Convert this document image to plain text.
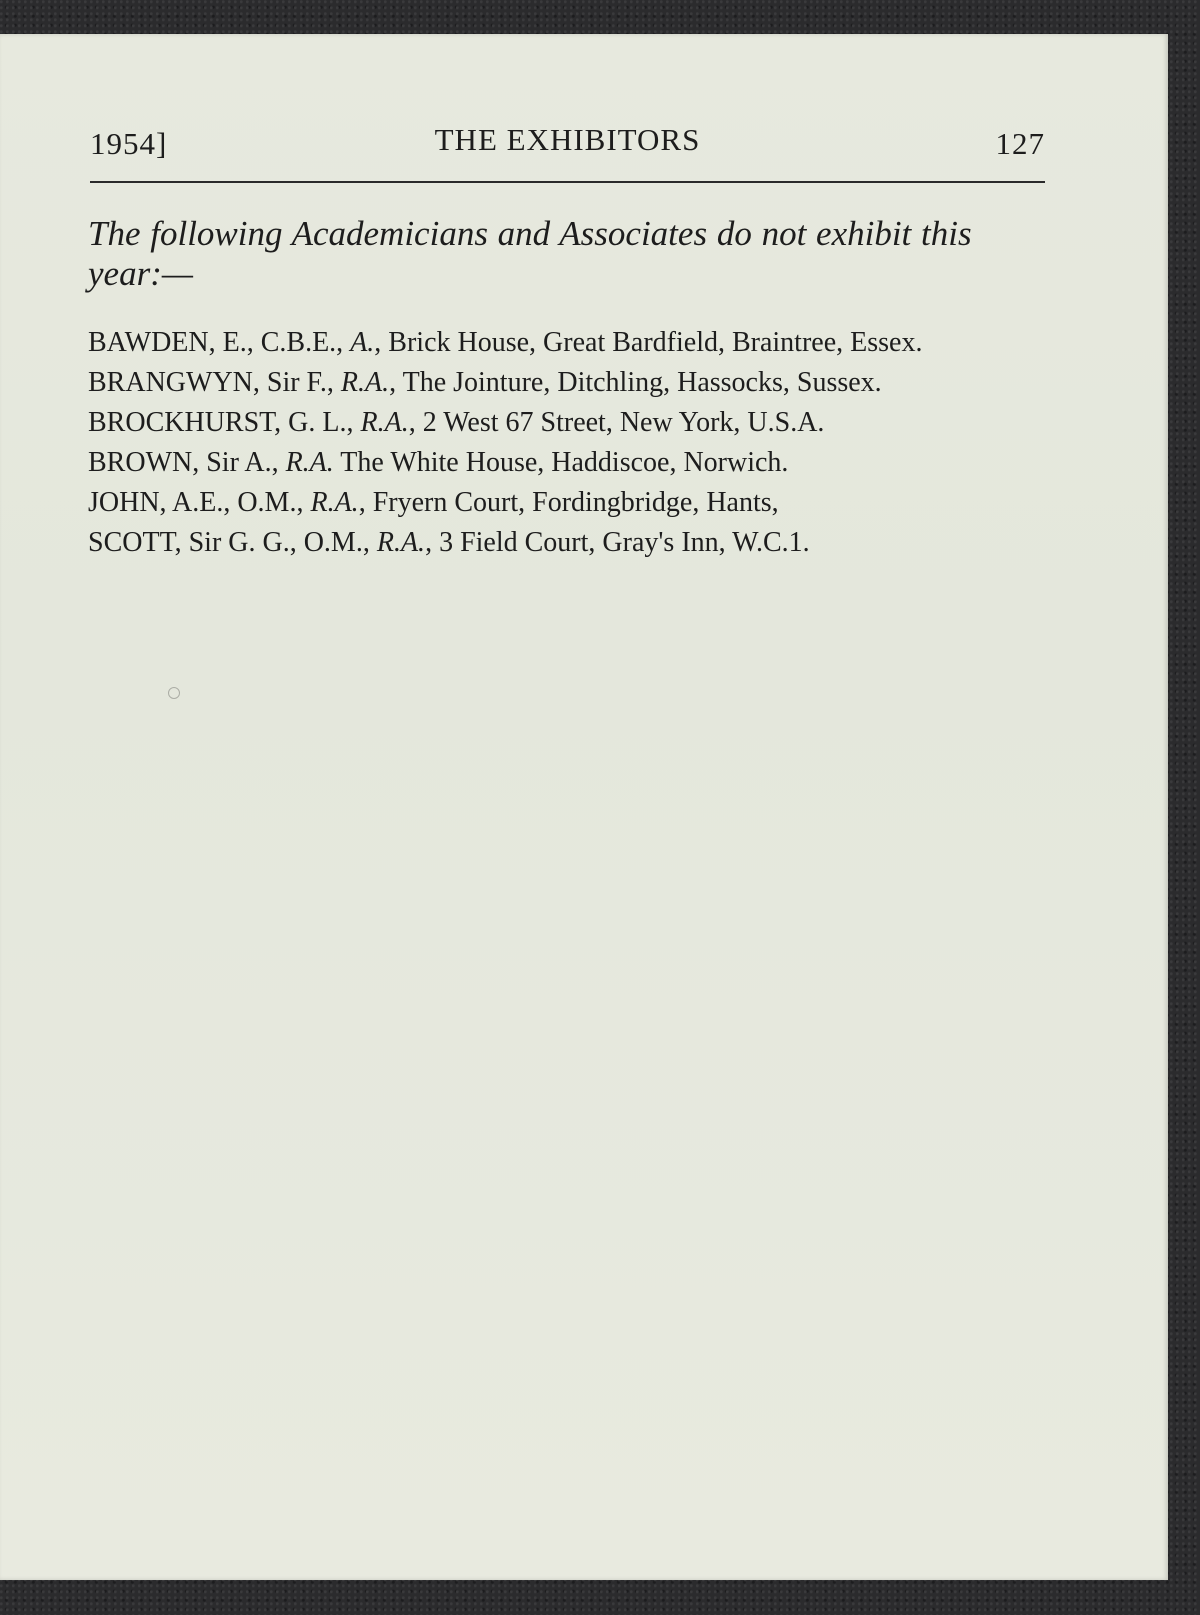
1954]	THE EXHIBITORS	127
The following Academicians and Associates do not exhibit this year:—
BAWDEN, E., C.B.E., A., Brick House, Great Bardfield, Braintree, Essex.
BRANGWYN, Sir F., R.A., The Jointure, Ditchling, Hassocks, Sussex.
BROCKHURST, G. L., R.A., 2 West 67 Street, New York, U.S.A.
BROWN, Sir A., R.A. The White House, Haddiscoe, Norwich.
JOHN, A.E., O.M., R.A., Fryern Court, Fordingbridge, Hants,
SCOTT, Sir G. G., O.M., R.A., 3 Field Court, Gray's Inn, W.C.1.
